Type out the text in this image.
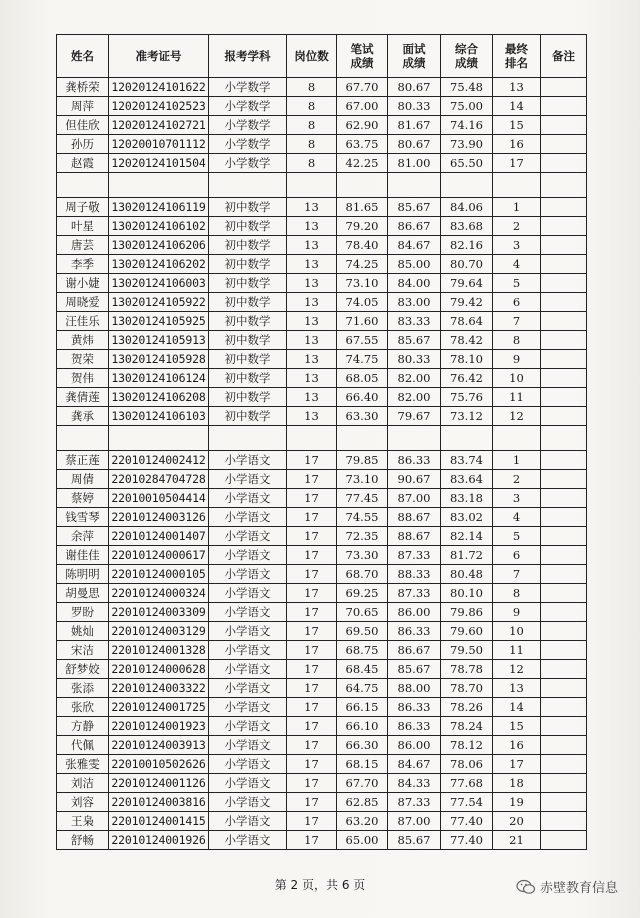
姓名	准考证号	报考学科	岗位数	笔试成绩	面试成绩	综合成绩	最终排名	备注
龚桥荣	12020124101622	小学数学	8	67.70	80.67	75.48	13	
周萍	12020124102523	小学数学	8	67.00	80.33	75.00	14	
但佳欣	12020124102721	小学数学	8	62.90	81.67	74.16	15	
孙历	12020010701112	小学数学	8	63.75	80.67	73.90	16	
赵霞	12020124101504	小学数学	8	42.25	81.00	65.50	17	

周子敬	13020124106119	初中数学	13	81.65	85.67	84.06	1	
叶星	13020124106102	初中数学	13	79.20	86.67	83.68	2	
唐芸	13020124106206	初中数学	13	78.40	84.67	82.16	3	
李季	13020124106202	初中数学	13	74.25	85.00	80.70	4	
谢小婕	13020124106003	初中数学	13	73.10	84.00	79.64	5	
周晓爱	13020124105922	初中数学	13	74.05	83.00	79.42	6	
汪佳乐	13020124105925	初中数学	13	71.60	83.33	78.64	7	
黄炜	13020124105913	初中数学	13	67.55	85.67	78.42	8	
贺荣	13020124105928	初中数学	13	74.75	80.33	78.10	9	
贺伟	13020124106124	初中数学	13	68.05	82.00	76.42	10	
龚倩莲	13020124106208	初中数学	13	66.40	82.00	75.76	11	
龚承	13020124106103	初中数学	13	63.30	79.67	73.12	12	

蔡正莲	22010124002412	小学语文	17	79.85	86.33	83.74	1	
周倩	22010284704728	小学语文	17	73.10	90.67	83.64	2	
蔡婷	22010010504414	小学语文	17	77.45	87.00	83.18	3	
钱雪琴	22010124003126	小学语文	17	74.55	88.67	83.02	4	
余萍	22010124001407	小学语文	17	72.35	88.67	82.14	5	
谢佳佳	22010124000617	小学语文	17	73.30	87.33	81.72	6	
陈明明	22010124000105	小学语文	17	68.70	88.33	80.48	7	
胡曼思	22010124000324	小学语文	17	69.25	87.33	80.10	8	
罗盼	22010124003309	小学语文	17	70.65	86.00	79.86	9	
姚灿	22010124003129	小学语文	17	69.50	86.33	79.60	10	
宋洁	22010124001328	小学语文	17	68.75	86.67	79.50	11	
舒梦姣	22010124000628	小学语文	17	68.45	85.67	78.78	12	
张添	22010124003322	小学语文	17	64.75	88.00	78.70	13	
张欣	22010124001725	小学语文	17	66.15	86.33	78.26	14	
方静	22010124001923	小学语文	17	66.10	86.33	78.24	15	
代佩	22010124003913	小学语文	17	66.30	86.00	78.12	16	
张雅雯	22010010502626	小学语文	17	68.15	84.67	78.06	17	
刘洁	22010124001126	小学语文	17	67.70	84.33	77.68	18	
刘容	22010124003816	小学语文	17	62.85	87.33	77.54	19	
王枭	22010124001415	小学语文	17	63.20	87.00	77.40	20	
舒畅	22010124001926	小学语文	17	65.00	85.67	77.40	21	
第 2 页，共 6 页	赤壁教育信息
